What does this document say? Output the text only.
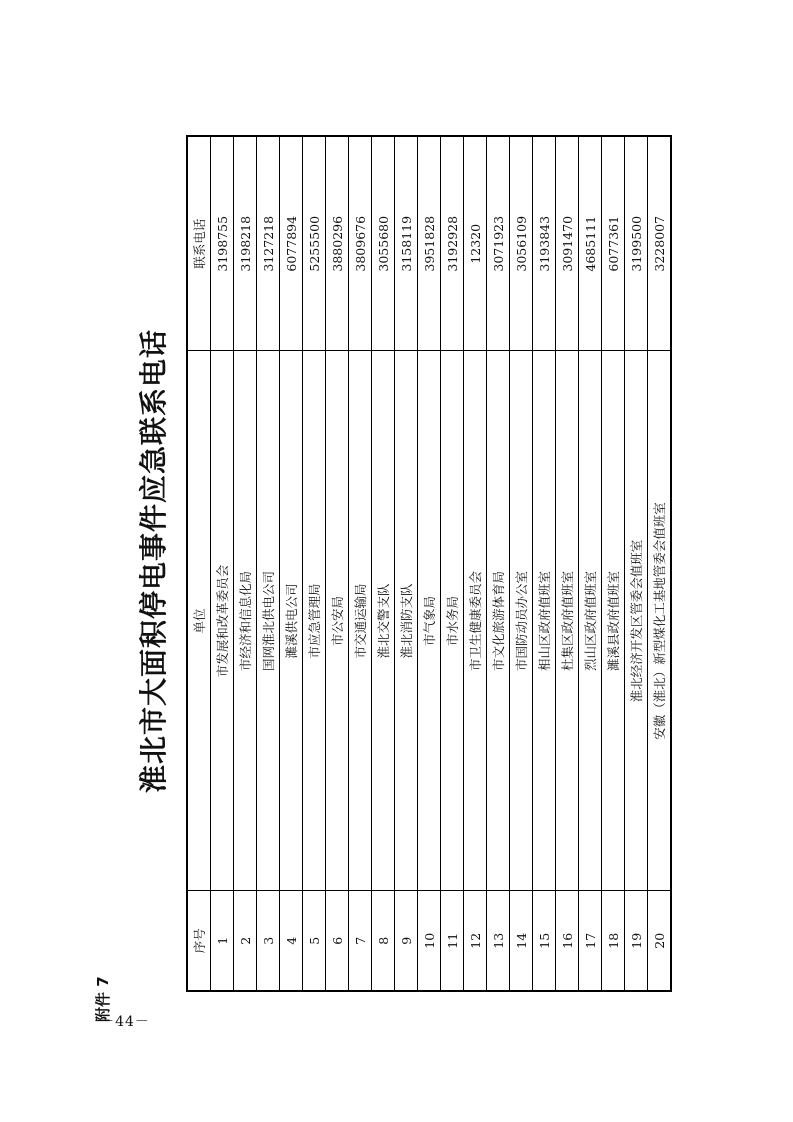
－44－
附件 7
淮北市大面积停电事件应急联系电话
序号	单位	联系电话
1	市发展和改革委员会	3198755
2	市经济和信息化局	3198218
3	国网淮北供电公司	3127218
4	濉溪供电公司	6077894
5	市应急管理局	5255500
6	市公安局	3880296
7	市交通运输局	3809676
8	淮北交警支队	3055680
9	淮北消防支队	3158119
10	市气象局	3951828
11	市水务局	3192928
12	市卫生健康委员会	12320
13	市文化旅游体育局	3071923
14	市国防动员办公室	3056109
15	相山区政府值班室	3193843
16	杜集区政府值班室	3091470
17	烈山区政府值班室	4685111
18	濉溪县政府值班室	6077361
19	淮北经济开发区管委会值班室	3199500
20	安徽（淮北）新型煤化工基地管委会值班室	3228007
